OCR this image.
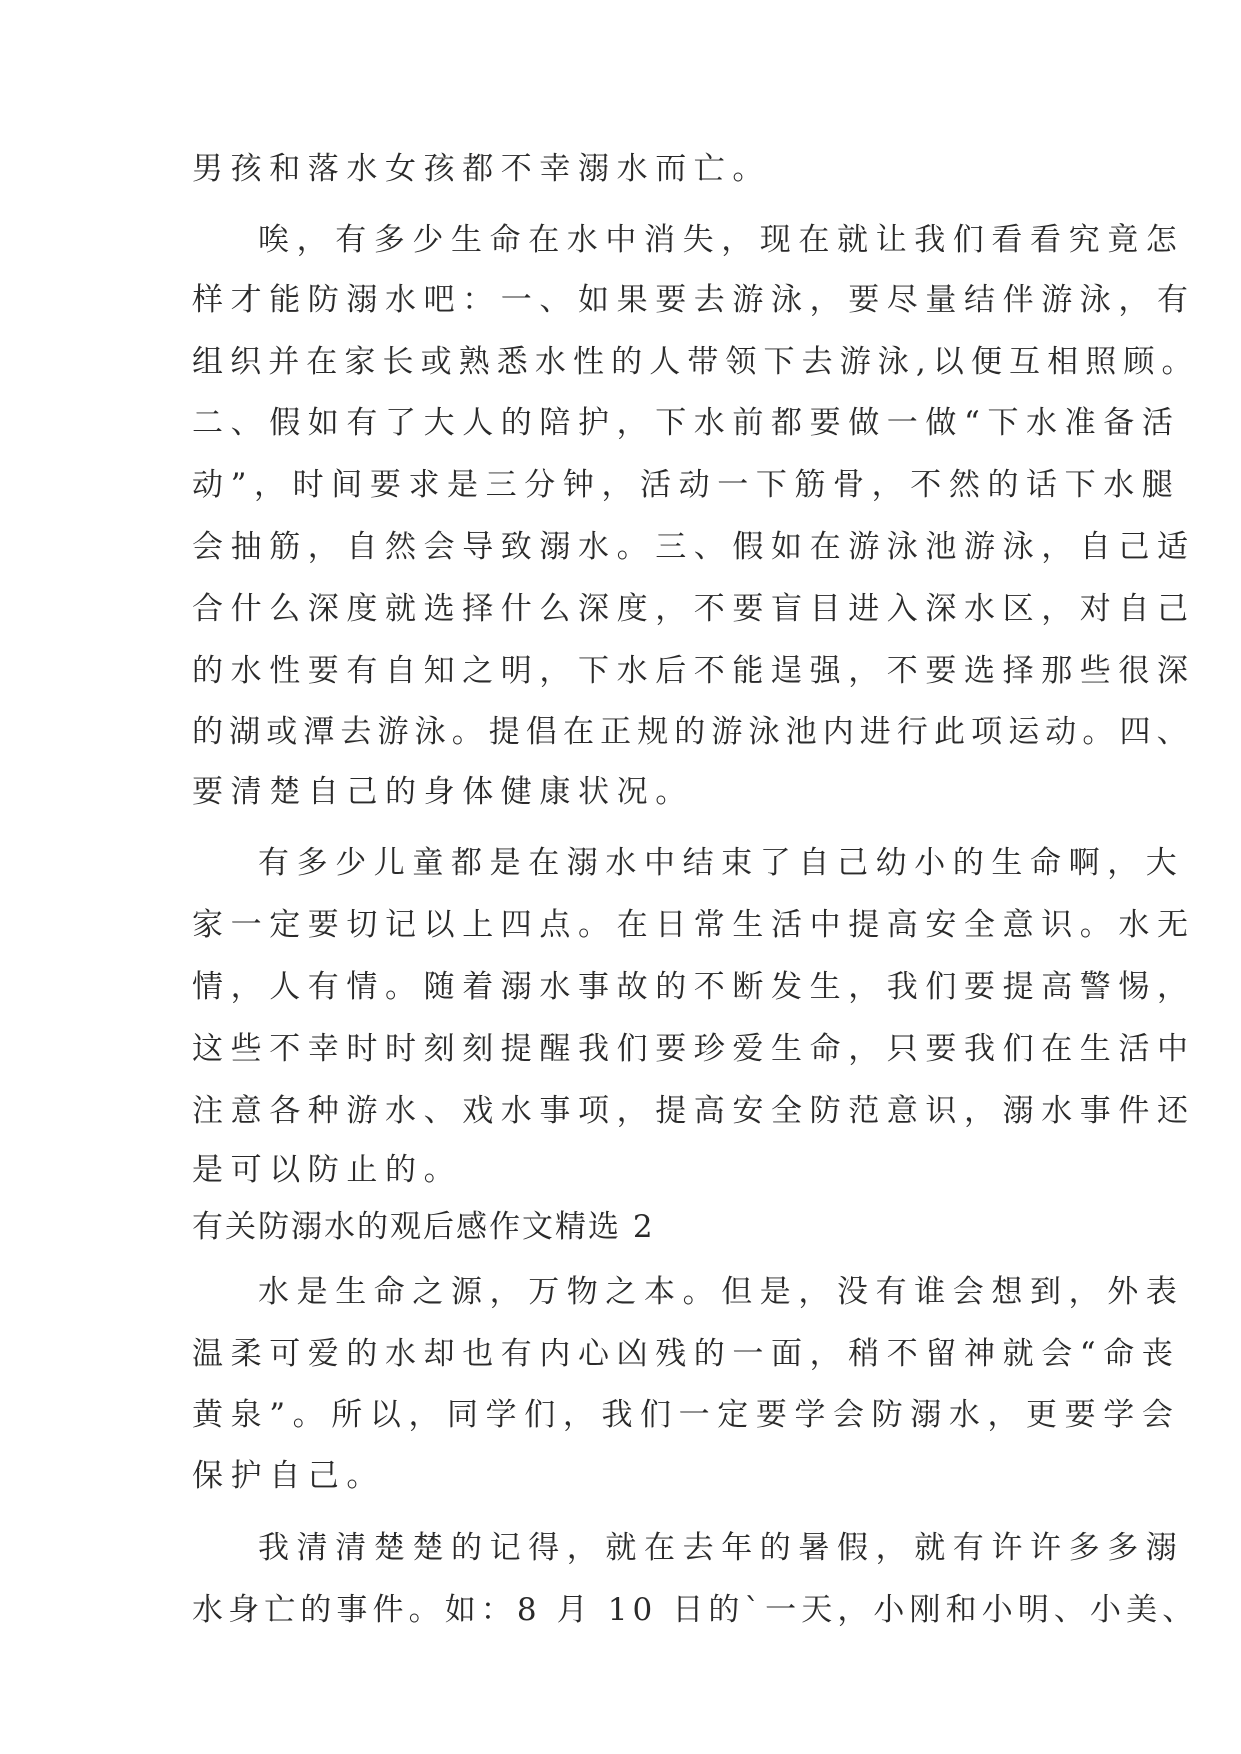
男孩和落水女孩都不幸溺水而亡。
唉，有多少生命在水中消失，现在就让我们看看究竟怎
样才能防溺水吧：一、如果要去游泳，要尽量结伴游泳，有
组织并在家长或熟悉水性的人带领下去游泳,以便互相照顾。
二、假如有了大人的陪护，下水前都要做一做“下水准备活
动”，时间要求是三分钟，活动一下筋骨，不然的话下水腿
会抽筋，自然会导致溺水。三、假如在游泳池游泳，自己适
合什么深度就选择什么深度，不要盲目进入深水区，对自己
的水性要有自知之明，下水后不能逞强，不要选择那些很深
的湖或潭去游泳。提倡在正规的游泳池内进行此项运动。四、
要清楚自己的身体健康状况。
有多少儿童都是在溺水中结束了自己幼小的生命啊，大
家一定要切记以上四点。在日常生活中提高安全意识。水无
情，人有情。随着溺水事故的不断发生，我们要提高警惕，
这些不幸时时刻刻提醒我们要珍爱生命，只要我们在生活中
注意各种游水、戏水事项，提高安全防范意识，溺水事件还
是可以防止的。
有关防溺水的观后感作文精选 2
水是生命之源，万物之本。但是，没有谁会想到，外表
温柔可爱的水却也有内心凶残的一面，稍不留神就会“命丧
黄泉”。所以，同学们，我们一定要学会防溺水，更要学会
保护自己。
我清清楚楚的记得，就在去年的暑假，就有许许多多溺
水身亡的事件。如：8 月 10 日的`一天，小刚和小明、小美、
